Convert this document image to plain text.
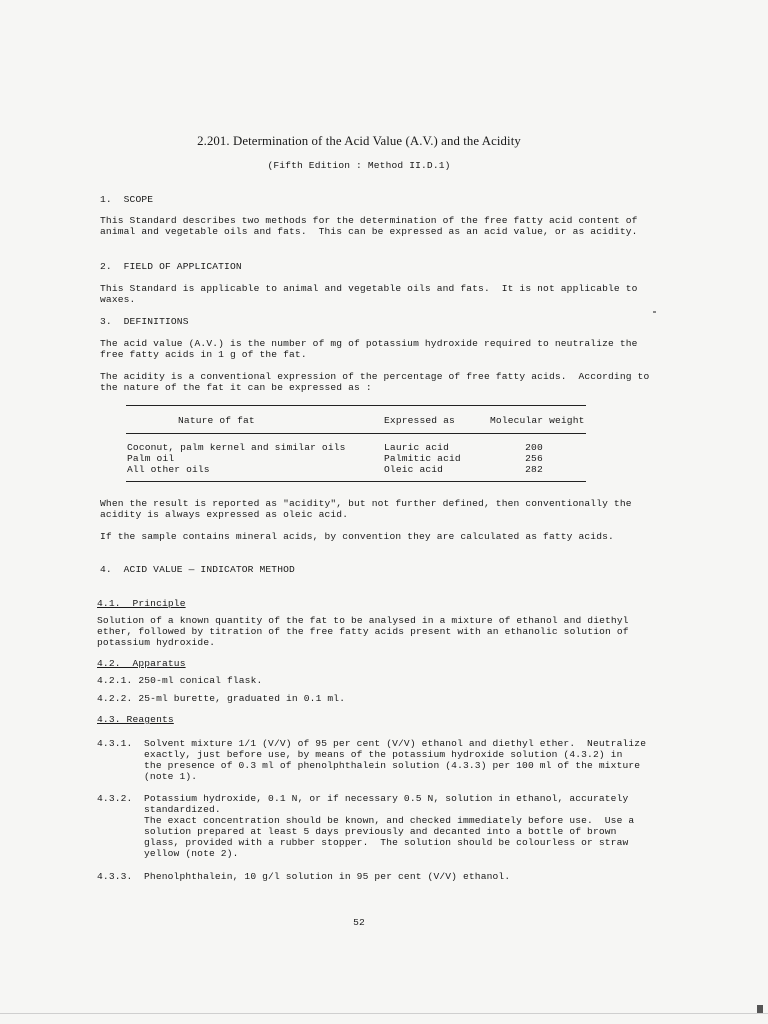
2.201. Determination of the Acid Value (A.V.) and the Acidity
(Fifth Edition : Method II.D.1)
1.  SCOPE
This Standard describes two methods for the determination of the free fatty acid content of
animal and vegetable oils and fats.  This can be expressed as an acid value, or as acidity.
2.  FIELD OF APPLICATION
This Standard is applicable to animal and vegetable oils and fats.  It is not applicable to
waxes.
3.  DEFINITIONS
The acid value (A.V.) is the number of mg of potassium hydroxide required to neutralize the
free fatty acids in 1 g of the fat.
The acidity is a conventional expression of the percentage of free fatty acids.  According to
the nature of the fat it can be expressed as :
Nature of fat	Expressed as	Molecular weight
Coconut, palm kernel and similar oils	Lauric acid	200
Palm oil	Palmitic acid	256
All other oils	Oleic acid	282
When the result is reported as "acidity", but not further defined, then conventionally the
acidity is always expressed as oleic acid.
If the sample contains mineral acids, by convention they are calculated as fatty acids.
4.  ACID VALUE — INDICATOR METHOD
4.1.  Principle
Solution of a known quantity of the fat to be analysed in a mixture of ethanol and diethyl
ether, followed by titration of the free fatty acids present with an ethanolic solution of
potassium hydroxide.
4.2.  Apparatus
4.2.1. 250-ml conical flask.
4.2.2. 25-ml burette, graduated in 0.1 ml.
4.3. Reagents
4.3.1. Solvent mixture 1/1 (V/V) of 95 per cent (V/V) ethanol and diethyl ether.  Neutralize
exactly, just before use, by means of the potassium hydroxide solution (4.3.2) in
the presence of 0.3 ml of phenolphthalein solution (4.3.3) per 100 ml of the mixture
(note 1).
4.3.2. Potassium hydroxide, 0.1 N, or if necessary 0.5 N, solution in ethanol, accurately
standardized.
The exact concentration should be known, and checked immediately before use.  Use a
solution prepared at least 5 days previously and decanted into a bottle of brown
glass, provided with a rubber stopper.  The solution should be colourless or straw
yellow (note 2).
4.3.3. Phenolphthalein, 10 g/l solution in 95 per cent (V/V) ethanol.
52
